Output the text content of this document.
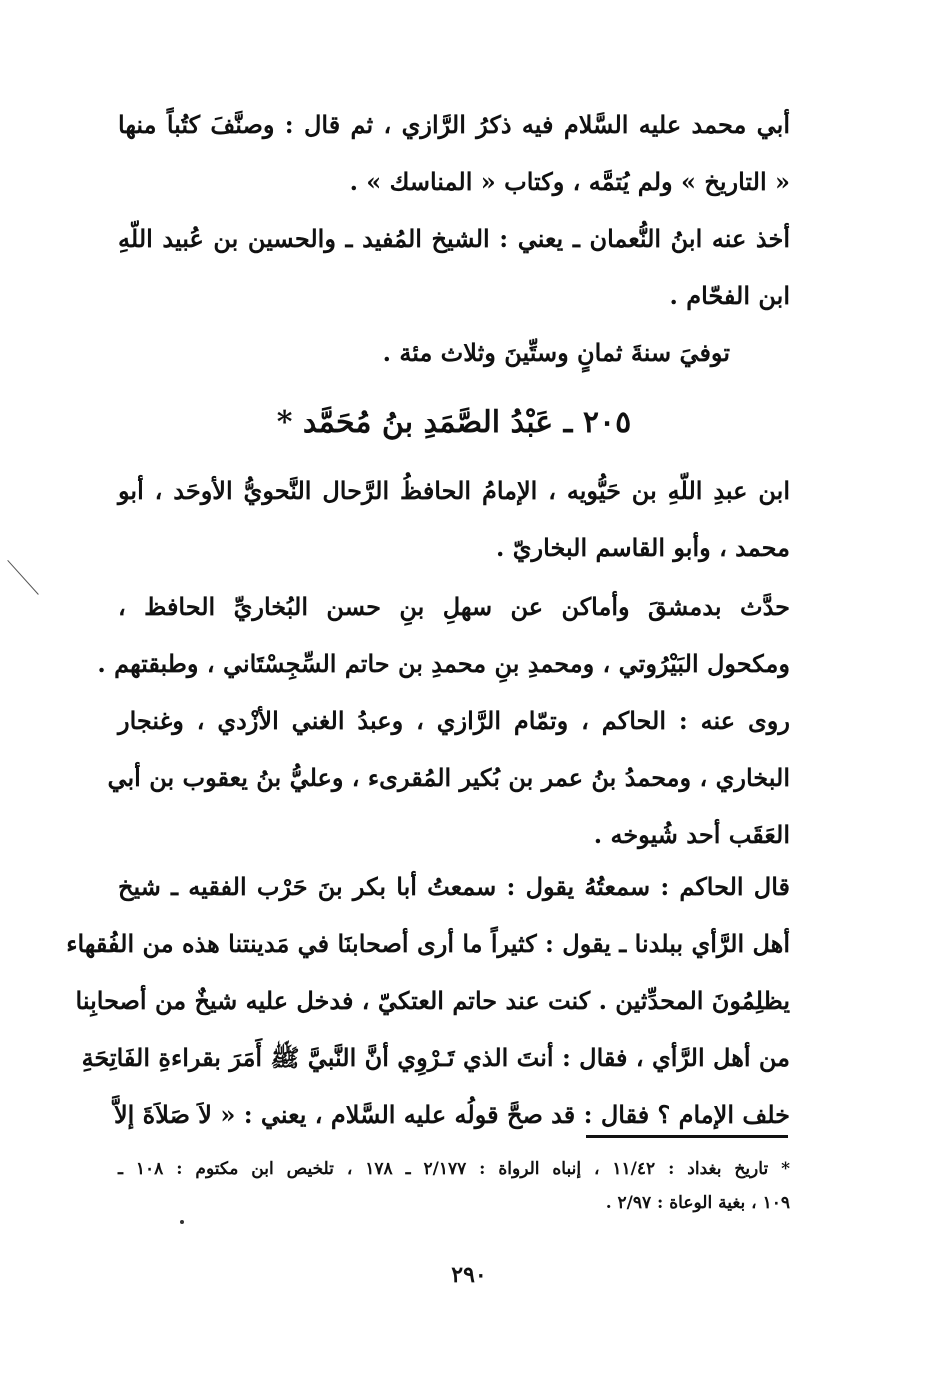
أبي محمد عليه السَّلام فيه ذكرُ الرَّازي ، ثم قال : وصنَّفَ كتُباً منها
« التاريخ » ولم يُتمَّه ، وكتاب « المناسك » .
أخذ عنه ابنُ النُّعمان ـ يعني : الشيخ المُفيد ـ والحسين بن عُبيد اللّهِ
ابن الفحّام .
توفيَ سنةَ ثمانٍ وستِّينَ وثلاث مئة .
٢٠٥ ـ عَبْدُ الصَّمَدِ بنُ مُحَمَّد *
ابن عبدِ اللّهِ بن حَيُّويه ، الإمامُ الحافظُ الرَّحال النَّحويُّ الأوحَد ، أبو
محمد ، وأبو القاسم البخاريّ .
حدَّث بدمشقَ وأماكن عن سهلِ بنِ حسن البُخاريِّ الحافظ ،
ومكحول البَيْرُوتي ، ومحمدِ بنِ محمدِ بن حاتم السِّجِسْتَاني ، وطبقتهم .
روى عنه : الحاكم ، وتمّام الرَّازي ، وعبدُ الغني الأزْدي ، وغنجار
البخاري ، ومحمدُ بنُ عمر بن بُكير المُقرىء ، وعليُّ بنُ يعقوب بن أبي
العَقَب أحد شُيوخه .
قال الحاكم : سمعتُهُ يقول : سمعتُ أبا بكر بنَ حَرْب الفقيه ـ شيخ
أهل الرَّأي ببلدنا ـ يقول : كثيراً ما أرى أصحابنَا في مَدينتنا هذه من الفُقهاء
يظلِمُونَ المحدِّثين . كنت عند حاتم العتكيّ ، فدخل عليه شيخٌ من أصحابِنا
من أهل الرَّأي ، فقال : أنتَ الذي تَـرْوِي أنَّ النَّبيَّ ﷺ أَمَرَ بقراءةِ الفَاتِحَةِ
خلف الإمام ؟ فقال : قد صحَّ قولُه عليه السَّلام ، يعني : « لاَ صَلاَةَ إلاَّ
* تاريخ بغداد : ١١/٤٢ ، إنباه الرواة : ٢/١٧٧ ـ ١٧٨ ، تلخيص ابن مكتوم : ١٠٨ ـ
١٠٩ ، بغية الوعاة : ٢/٩٧ .
٢٩٠
